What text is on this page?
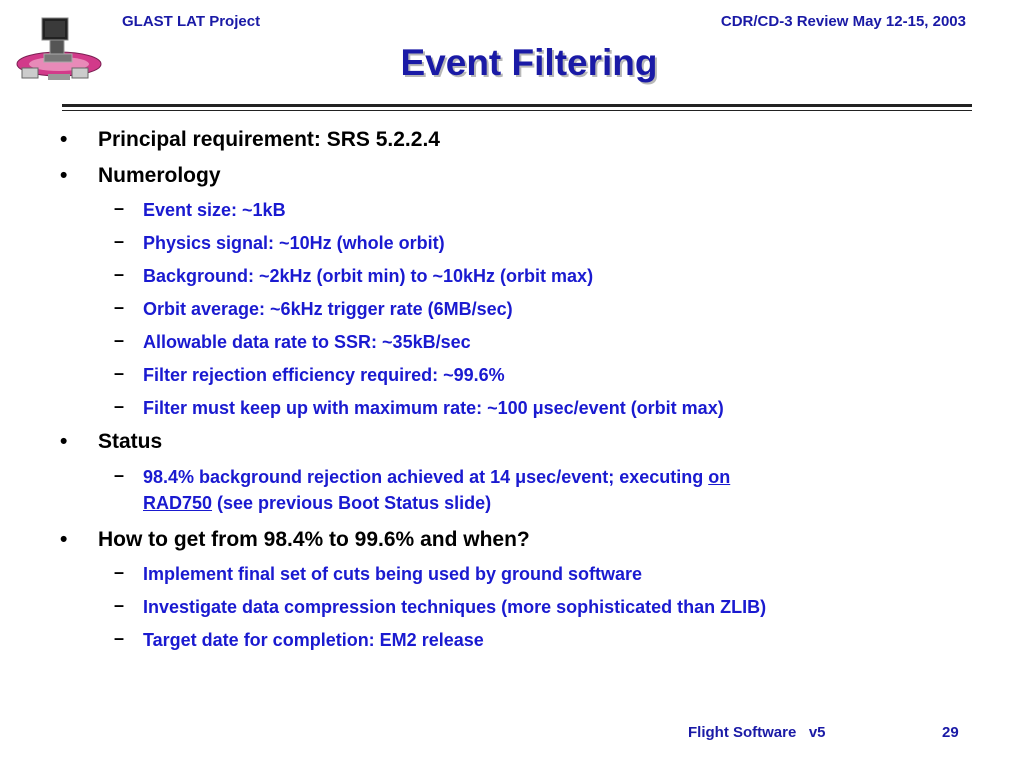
GLAST LAT Project	CDR/CD-3 Review May 12-15, 2003
Event Filtering
• Principal requirement: SRS 5.2.2.4
• Numerology
– Event size: ~1kB
– Physics signal: ~10Hz (whole orbit)
– Background: ~2kHz (orbit min) to ~10kHz (orbit max)
– Orbit average: ~6kHz trigger rate (6MB/sec)
– Allowable data rate to SSR: ~35kB/sec
– Filter rejection efficiency required: ~99.6%
– Filter must keep up with maximum rate: ~100 μsec/event (orbit max)
• Status
– 98.4% background rejection achieved at 14 μsec/event; executing on
RAD750 (see previous Boot Status slide)
• How to get from 98.4% to 99.6% and when?
– Implement final set of cuts being used by ground software
– Investigate data compression techniques (more sophisticated than ZLIB)
– Target date for completion: EM2 release
Flight Software   v5	29
